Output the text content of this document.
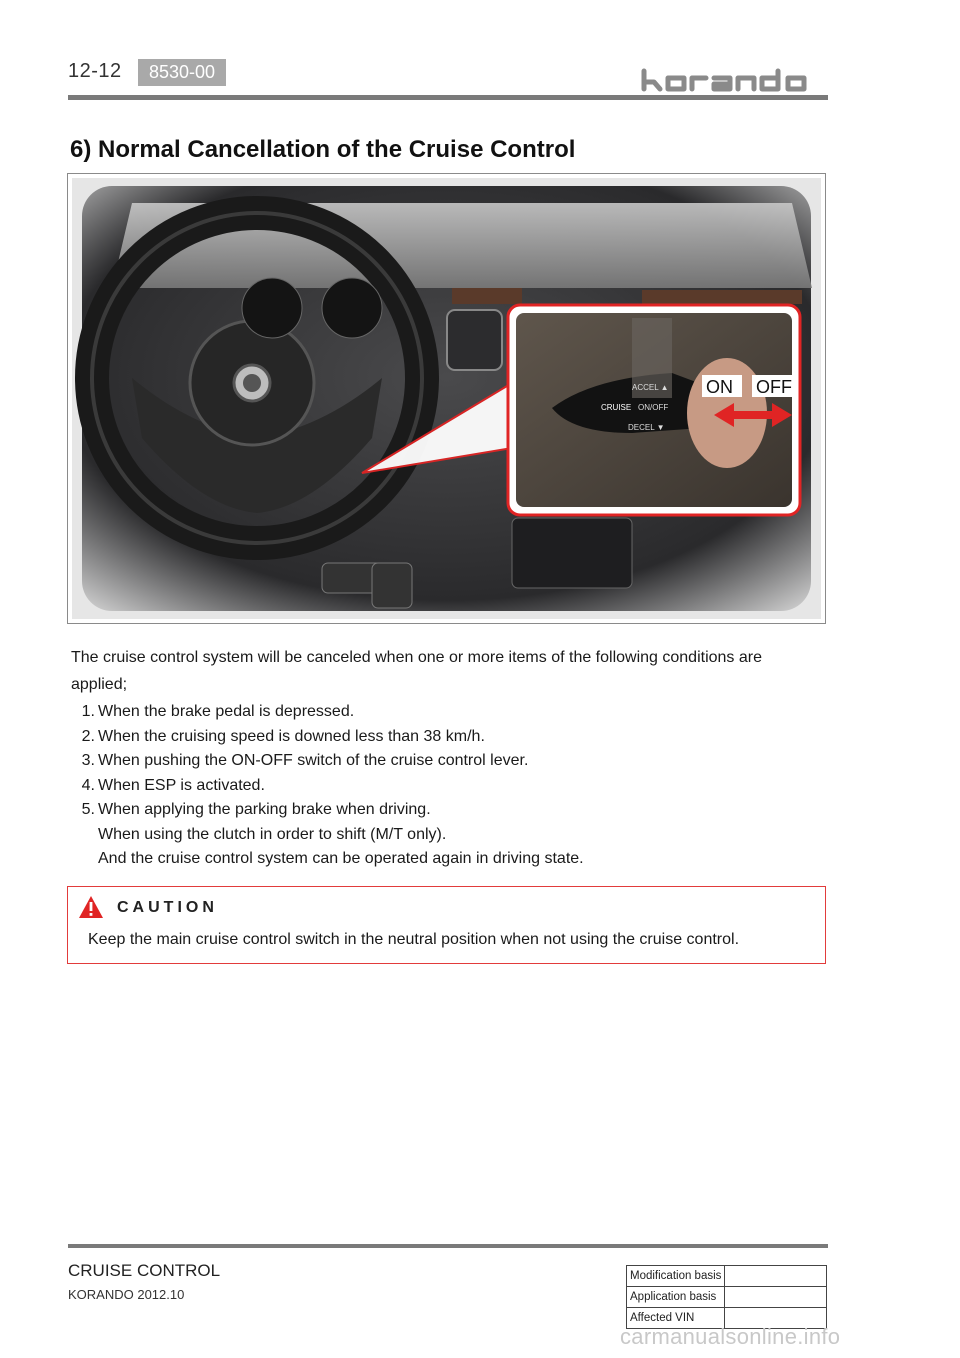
12-12	8530-00
6) Normal Cancellation of the Cruise Control
ACCEL ▲
CRUISE ON/OFF
DECEL ▼
ON OFF

The cruise control system will be canceled when one or more items of the following conditions are applied;

1. When the brake pedal is depressed.
2. When the cruising speed is downed less than 38 km/h.
3. When pushing the ON-OFF switch of the cruise control lever.
4. When ESP is activated.
5. When applying the parking brake when driving.
When using the clutch in order to shift (M/T only).
And the cruise control system can be operated again in driving state.
CAUTION
Keep the main cruise control switch in the neutral position when not using the cruise control.
CRUISE CONTROL
KORANDO 2012.10
Modification basis	
Application basis	
Affected VIN	
carmanualsonline.info
